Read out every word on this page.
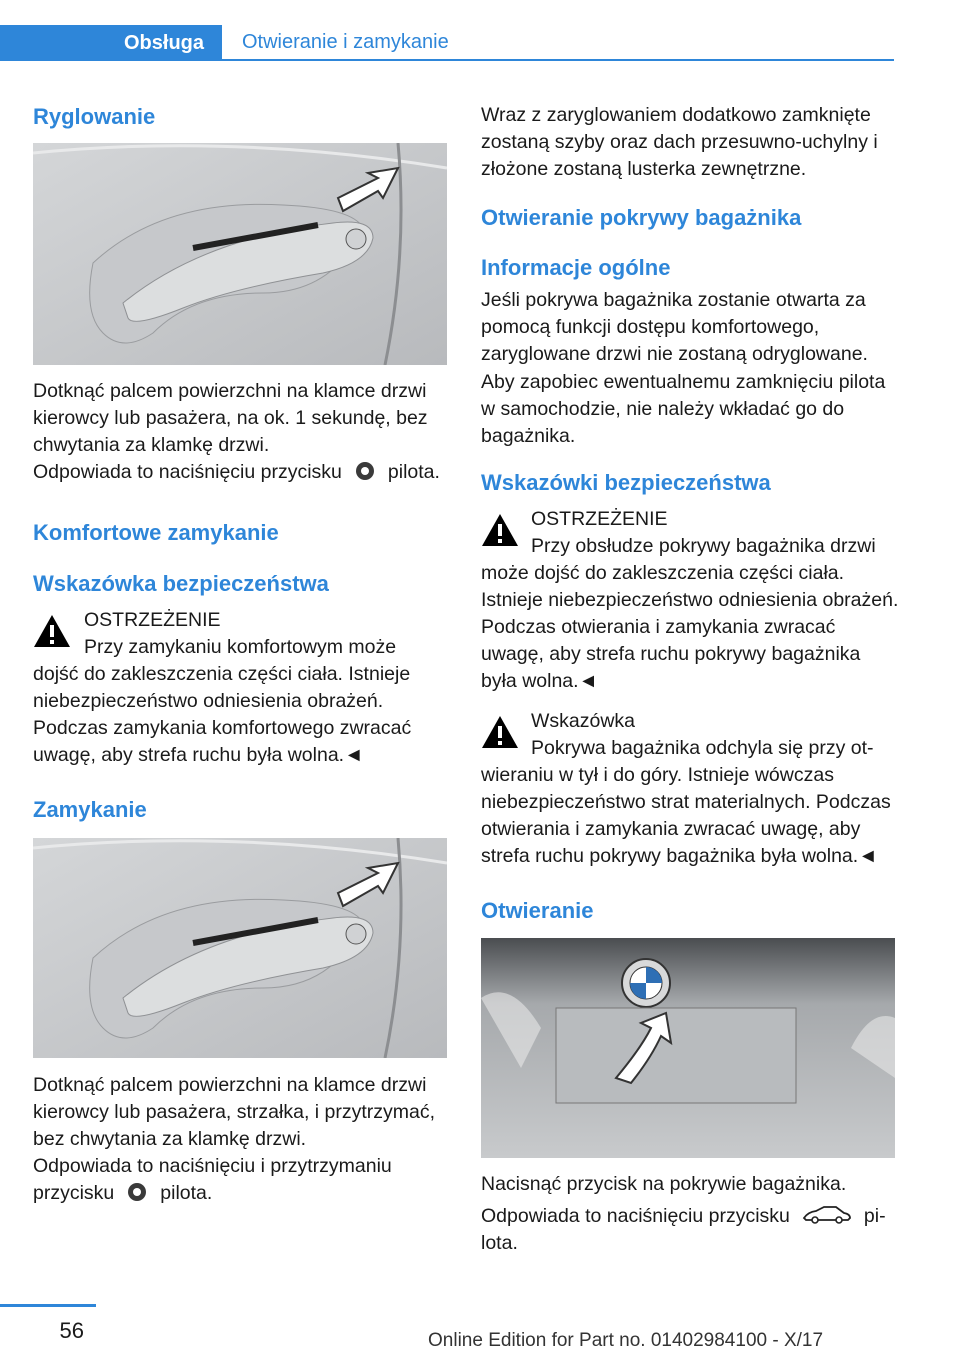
Obsługa Otwieranie i zamykanie
Ryglowanie
Dotknąć palcem powierzchni na klamce drzwi kierowcy lub pasażera, na ok. 1 sekundę, bez chwytania za klamkę drzwi.
Odpowiada to naciśnięciu przycisku pilota.
Komfortowe zamykanie
Wskazówka bezpieczeństwa
OSTRZEŻENIE
Przy zamykaniu komfortowym może
dojść do zakleszczenia części ciała. Istnieje niebezpieczeństwo odniesienia obrażeń. Podczas zamykania komfortowego zwracać uwagę, aby strefa ruchu była wolna.◄
Zamykanie
Dotknąć palcem powierzchni na klamce drzwi kierowcy lub pasażera, strzałka, i przytrzymać, bez chwytania za klamkę drzwi.
Odpowiada to naciśnięciu i przytrzymaniu
przycisku pilota.
Wraz z zaryglowaniem dodatkowo zamknięte zostaną szyby oraz dach przesuwno-uchylny i złożone zostaną lusterka zewnętrzne.
Otwieranie pokrywy bagażnika
Informacje ogólne
Jeśli pokrywa bagażnika zostanie otwarta za pomocą funkcji dostępu komfortowego, zaryglowane drzwi nie zostaną odryglowane.
Aby zapobiec ewentualnemu zamknięciu pilota w samochodzie, nie należy wkładać go do bagażnika.
Wskazówki bezpieczeństwa
OSTRZEŻENIE
Przy obsłudze pokrywy bagażnika drzwi
może dojść do zakleszczenia części ciała. Istnieje niebezpieczeństwo odniesienia obrażeń. Podczas otwierania i zamykania zwracać uwagę, aby strefa ruchu pokrywy bagażnika była wolna.◄
Wskazówka
Pokrywa bagażnika odchyla się przy ot-
wieraniu w tył i do góry. Istnieje wówczas niebezpieczeństwo strat materialnych. Podczas otwierania i zamykania zwracać uwagę, aby strefa ruchu pokrywy bagażnika była wolna.◄
Otwieranie
Nacisnąć przycisk na pokrywie bagażnika.
Odpowiada to naciśnięciu przycisku	pi-
lota.
56	Online Edition for Part no. 01402984100 - X/17
